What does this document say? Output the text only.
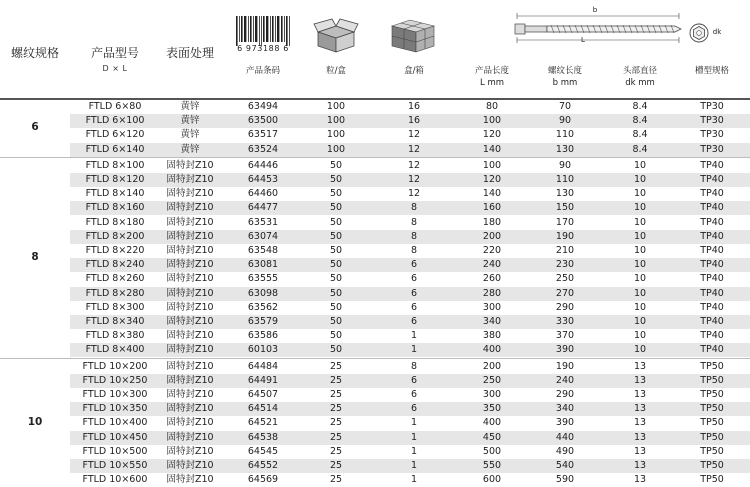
螺纹规格	产品型号
D × L
表面处理	6 973188 6
产品条码	粒/盒	盒/箱
b
L
dk
产品长度
L mm
螺纹长度
b mm
头部直径
dk mm
槽型规格
6
FTLD 6×80	黄锌	63494	100	16	80	70	8.4	TP30
FTLD 6×100	黄锌	63500	100	16	100	90	8.4	TP30
FTLD 6×120	黄锌	63517	100	12	120	110	8.4	TP30
FTLD 6×140	黄锌	63524	100	12	140	130	8.4	TP30
8
FTLD 8×100	固特封Z10	64446	50	12	100	90	10	TP40
FTLD 8×120	固特封Z10	64453	50	12	120	110	10	TP40
FTLD 8×140	固特封Z10	64460	50	12	140	130	10	TP40
FTLD 8×160	固特封Z10	64477	50	8	160	150	10	TP40
FTLD 8×180	固特封Z10	63531	50	8	180	170	10	TP40
FTLD 8×200	固特封Z10	63074	50	8	200	190	10	TP40
FTLD 8×220	固特封Z10	63548	50	8	220	210	10	TP40
FTLD 8×240	固特封Z10	63081	50	6	240	230	10	TP40
FTLD 8×260	固特封Z10	63555	50	6	260	250	10	TP40
FTLD 8×280	固特封Z10	63098	50	6	280	270	10	TP40
FTLD 8×300	固特封Z10	63562	50	6	300	290	10	TP40
FTLD 8×340	固特封Z10	63579	50	6	340	330	10	TP40
FTLD 8×380	固特封Z10	63586	50	1	380	370	10	TP40
FTLD 8×400	固特封Z10	60103	50	1	400	390	10	TP40
10
FTLD 10×200	固特封Z10	64484	25	8	200	190	13	TP50
FTLD 10×250	固特封Z10	64491	25	6	250	240	13	TP50
FTLD 10×300	固特封Z10	64507	25	6	300	290	13	TP50
FTLD 10×350	固特封Z10	64514	25	6	350	340	13	TP50
FTLD 10×400	固特封Z10	64521	25	1	400	390	13	TP50
FTLD 10×450	固特封Z10	64538	25	1	450	440	13	TP50
FTLD 10×500	固特封Z10	64545	25	1	500	490	13	TP50
FTLD 10×550	固特封Z10	64552	25	1	550	540	13	TP50
FTLD 10×600	固特封Z10	64569	25	1	600	590	13	TP50
